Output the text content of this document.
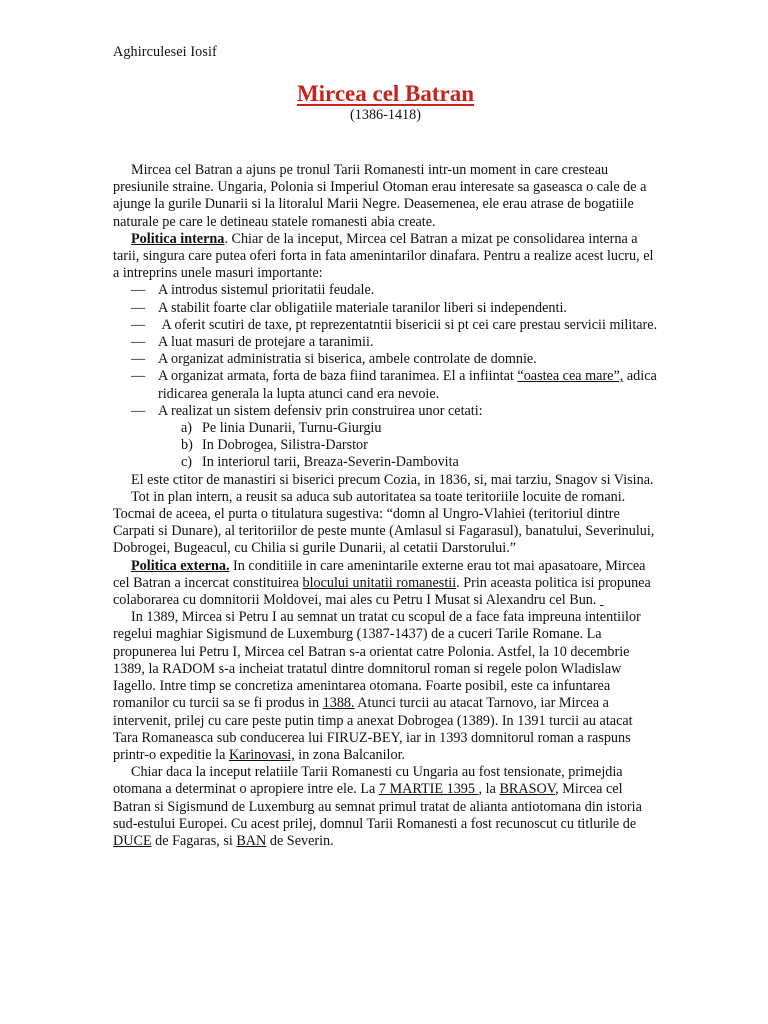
Aghirculesei Iosif

Mircea cel Batran

(1386-1418)

Mircea cel Batran a ajuns pe tronul Tarii Romanesti intr-un moment in care cresteau presiunile straine. Ungaria, Polonia si Imperiul Otoman erau interesate sa gaseasca o cale de a ajunge la gurile Dunarii si la litoralul Marii Negre. Deasemenea, ele erau atrase de bogatiile naturale pe care le detineau statele romanesti abia create.

Politica interna. Chiar de la inceput, Mircea cel Batran a mizat pe consolidarea interna a tarii, singura care putea oferi forta in fata amenintarilor dinafara. Pentru a realize acest lucru, el a intreprins unele masuri importante:

— A introdus sistemul prioritatii feudale.
— A stabilit foarte clar obligatiile materiale taranilor liberi si independenti.
— A oferit scutiri de taxe, pt reprezentatntii bisericii si pt cei care prestau servicii militare.
— A luat masuri de protejare a taranimii.
— A organizat administratia si biserica, ambele controlate de domnie.
— A organizat armata, forta de baza fiind taranimea. El a infiintat “oastea cea mare”, adica ridicarea generala la lupta atunci cand era nevoie.
— A realizat un sistem defensiv prin construirea unor cetati:
a) Pe linia Dunarii, Turnu-Giurgiu
b) In Dobrogea, Silistra-Darstor
c) In interiorul tarii, Breaza-Severin-Dambovita

El este ctitor de manastiri si biserici precum Cozia, in 1836, si, mai tarziu, Snagov si Visina.

Tot in plan intern, a reusit sa aduca sub autoritatea sa toate teritoriile locuite de romani. Tocmai de aceea, el purta o titulatura sugestiva: “domn al Ungro-Vlahiei (teritoriul dintre Carpati si Dunare), al teritoriilor de peste munte (Amlasul si Fagarasul), banatului, Severinului, Dobrogei, Bugeacul, cu Chilia si gurile Dunarii, al cetatii Darstorului.”

Politica externa. In conditiile in care amenintarile externe erau tot mai apasatoare, Mircea cel Batran a incercat constituirea blocului unitatii romanestii. Prin aceasta politica isi propunea colaborarea cu domnitorii Moldovei, mai ales cu Petru I Musat si Alexandru cel Bun.

In 1389, Mircea si Petru I au semnat un tratat cu scopul de a face fata impreuna intentiilor regelui maghiar Sigismund de Luxemburg (1387-1437) de a cuceri Tarile Romane. La propunerea lui Petru I, Mircea cel Batran s-a orientat catre Polonia. Astfel, la 10 decembrie 1389, la RADOM s-a incheiat tratatul dintre domnitorul roman si regele polon Wladislaw Iagello. Intre timp se concretiza amenintarea otomana. Foarte posibil, este ca infuntarea romanilor cu turcii sa se fi produs in 1388. Atunci turcii au atacat Tarnovo, iar Mircea a intervenit, prilej cu care peste putin timp a anexat Dobrogea (1389). In 1391 turcii au atacat Tara Romaneasca sub conducerea lui FIRUZ-BEY, iar in 1393 domnitorul roman a raspuns printr-o expeditie la Karinovasi, in zona Balcanilor.

Chiar daca la inceput relatiile Tarii Romanesti cu Ungaria au fost tensionate, primejdia otomana a determinat o apropiere intre ele. La 7 MARTIE 1395 , la BRASOV, Mircea cel Batran si Sigismund de Luxemburg au semnat primul tratat de alianta antiotomana din istoria sud-estului Europei. Cu acest prilej, domnul Tarii Romanesti a fost recunoscut cu titlurile de DUCE de Fagaras, si BAN de Severin.
